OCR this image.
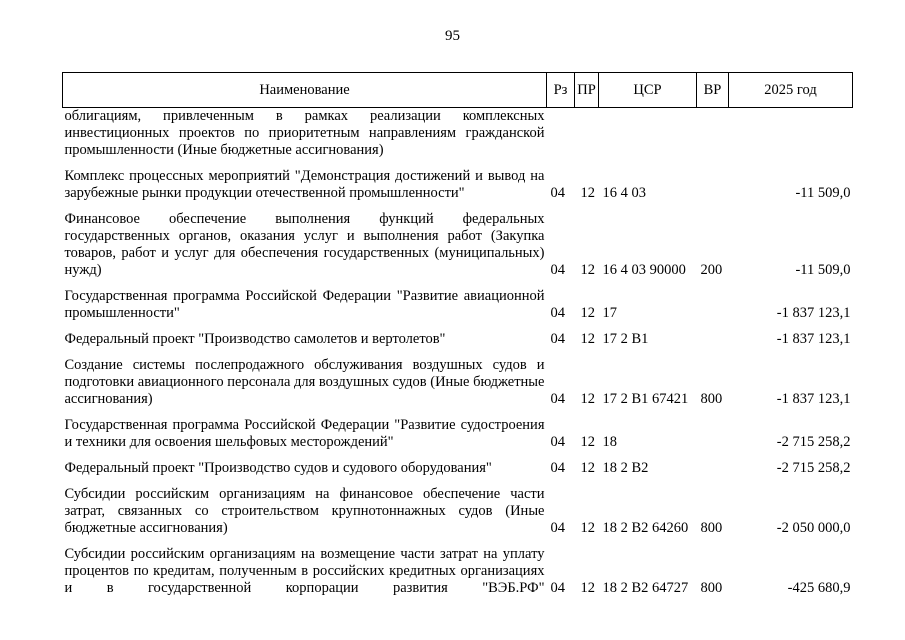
95
Наименование	Рз	ПР	ЦСР	ВР	2025 год
облигациям, привлеченным в рамках реализации комплексных инвестиционных проектов по приоритетным направлениям гражданской промышленности (Иные бюджетные ассигнования)					
Комплекс процессных мероприятий "Демонстрация достижений и вывод на зарубежные рынки продукции отечественной промышленности"	04	12	16 4 03		-11 509,0
Финансовое обеспечение выполнения функций федеральных государственных органов, оказания услуг и выполнения работ (Закупка товаров, работ и услуг для обеспечения государственных (муниципальных) нужд)	04	12	16 4 03 90000	200	-11 509,0
Государственная программа Российской Федерации "Развитие авиационной промышленности"	04	12	17		-1 837 123,1
Федеральный проект "Производство самолетов и вертолетов"	04	12	17 2 В1		-1 837 123,1
Создание системы послепродажного обслуживания воздушных судов и подготовки авиационного персонала для воздушных судов (Иные бюджетные ассигнования)	04	12	17 2 В1 67421	800	-1 837 123,1
Государственная программа Российской Федерации "Развитие судостроения и техники для освоения шельфовых месторождений"	04	12	18		-2 715 258,2
Федеральный проект "Производство судов и судового оборудования"	04	12	18 2 В2		-2 715 258,2
Субсидии российским организациям на финансовое обеспечение части затрат, связанных со строительством крупнотоннажных судов (Иные бюджетные ассигнования)	04	12	18 2 В2 64260	800	-2 050 000,0
Субсидии российским организациям на возмещение части затрат на уплату процентов по кредитам, полученным в российских кредитных организациях и в государственной корпорации развития "ВЭБ.РФ"	04	12	18 2 В2 64727	800	-425 680,9
